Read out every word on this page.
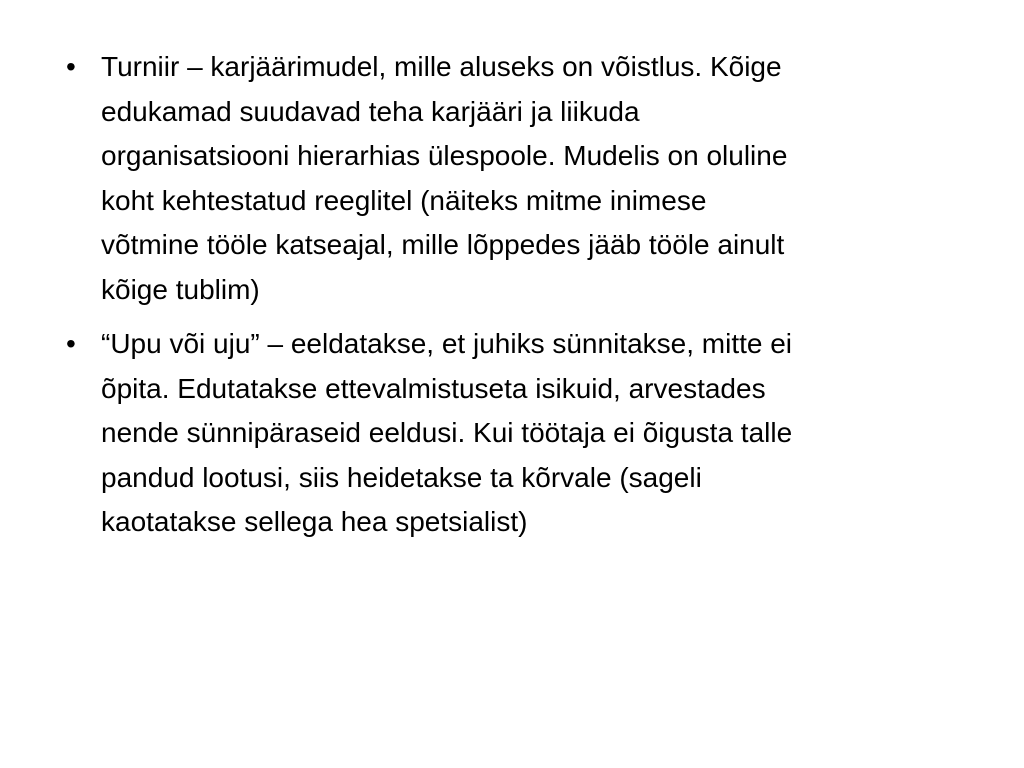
• Turniir – karjäärimudel, mille aluseks on võistlus. Kõige
edukamad suudavad teha karjääri ja liikuda
organisatsiooni hierarhias ülespoole. Mudelis on oluline
koht kehtestatud reeglitel (näiteks mitme inimese
võtmine tööle katseajal, mille lõppedes jääb tööle ainult
kõige tublim)
• “Upu või uju” – eeldatakse, et juhiks sünnitakse, mitte ei
õpita. Edutatakse ettevalmistuseta isikuid, arvestades
nende sünnipäraseid eeldusi. Kui töötaja ei õigusta talle
pandud lootusi, siis heidetakse ta kõrvale (sageli
kaotatakse sellega hea spetsialist)
